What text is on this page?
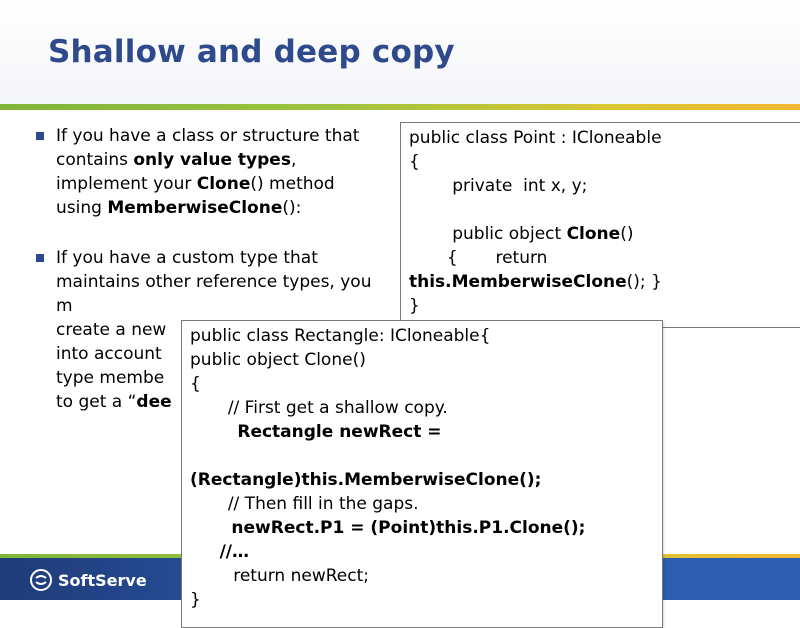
Shallow and deep copy
If you have a class or structure that contains only value types, implement your Clone() method using MemberwiseClone():
If you have a custom type that maintains other reference types, you m
create a new
into account
type membe
to get a “dee
public class Point : ICloneable
{
private  int x, y;
public object Clone()
{       return
this.MemberwiseClone(); }
}
SoftServe
public class Rectangle: ICloneable{
public object Clone()
{
// First get a shallow copy.
Rectangle newRect =
(Rectangle)this.MemberwiseClone();
// Then fill in the gaps.
newRect.P1 = (Point)this.P1.Clone();
//…
return newRect;
}
